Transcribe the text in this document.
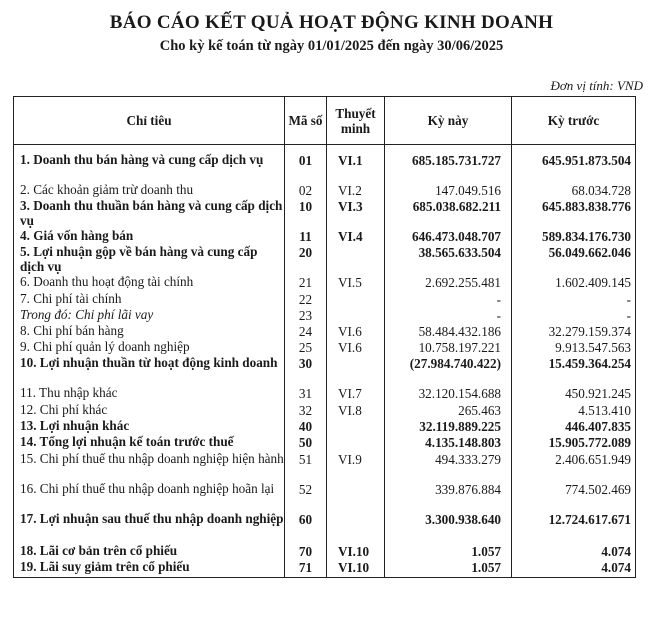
BÁO CÁO KẾT QUẢ HOẠT ĐỘNG KINH DOANH
Cho kỳ kế toán từ ngày 01/01/2025 đến ngày 30/06/2025
Đơn vị tính: VND
Chỉ tiêu	Mã số	Thuyết minh	Kỳ này	Kỳ trước

1. Doanh thu bán hàng và cung cấp dịch vụ	01	VI.1	685.185.731.727	645.951.873.504
2. Các khoản giảm trừ doanh thu	02	VI.2	147.049.516	68.034.728
3. Doanh thu thuần bán hàng và cung cấp dịch vụ	10	VI.3	685.038.682.211	645.883.838.776
4. Giá vốn hàng bán	11	VI.4	646.473.048.707	589.834.176.730
5. Lợi nhuận gộp về bán hàng và cung cấp dịch vụ	20		38.565.633.504	56.049.662.046
6. Doanh thu hoạt động tài chính	21	VI.5	2.692.255.481	1.602.409.145
7. Chi phí tài chính	22		-	-
Trong đó: Chi phí lãi vay	23		-	-
8. Chi phí bán hàng	24	VI.6	58.484.432.186	32.279.159.374
9. Chi phí quản lý doanh nghiệp	25	VI.6	10.758.197.221	9.913.547.563
10. Lợi nhuận thuần từ hoạt động kinh doanh	30		(27.984.740.422)	15.459.364.254
11. Thu nhập khác	31	VI.7	32.120.154.688	450.921.245
12. Chi phí khác	32	VI.8	265.463	4.513.410
13. Lợi nhuận khác	40		32.119.889.225	446.407.835
14. Tổng lợi nhuận kế toán trước thuế	50		4.135.148.803	15.905.772.089
15. Chi phí thuế thu nhập doanh nghiệp hiện hành	51	VI.9	494.333.279	2.406.651.949
16. Chi phí thuế thu nhập doanh nghiệp hoãn lại	52		339.876.884	774.502.469
17. Lợi nhuận sau thuế thu nhập doanh nghiệp	60		3.300.938.640	12.724.617.671
18. Lãi cơ bản trên cổ phiếu	70	VI.10	1.057	4.074
19. Lãi suy giảm trên cổ phiếu	71	VI.10	1.057	4.074
